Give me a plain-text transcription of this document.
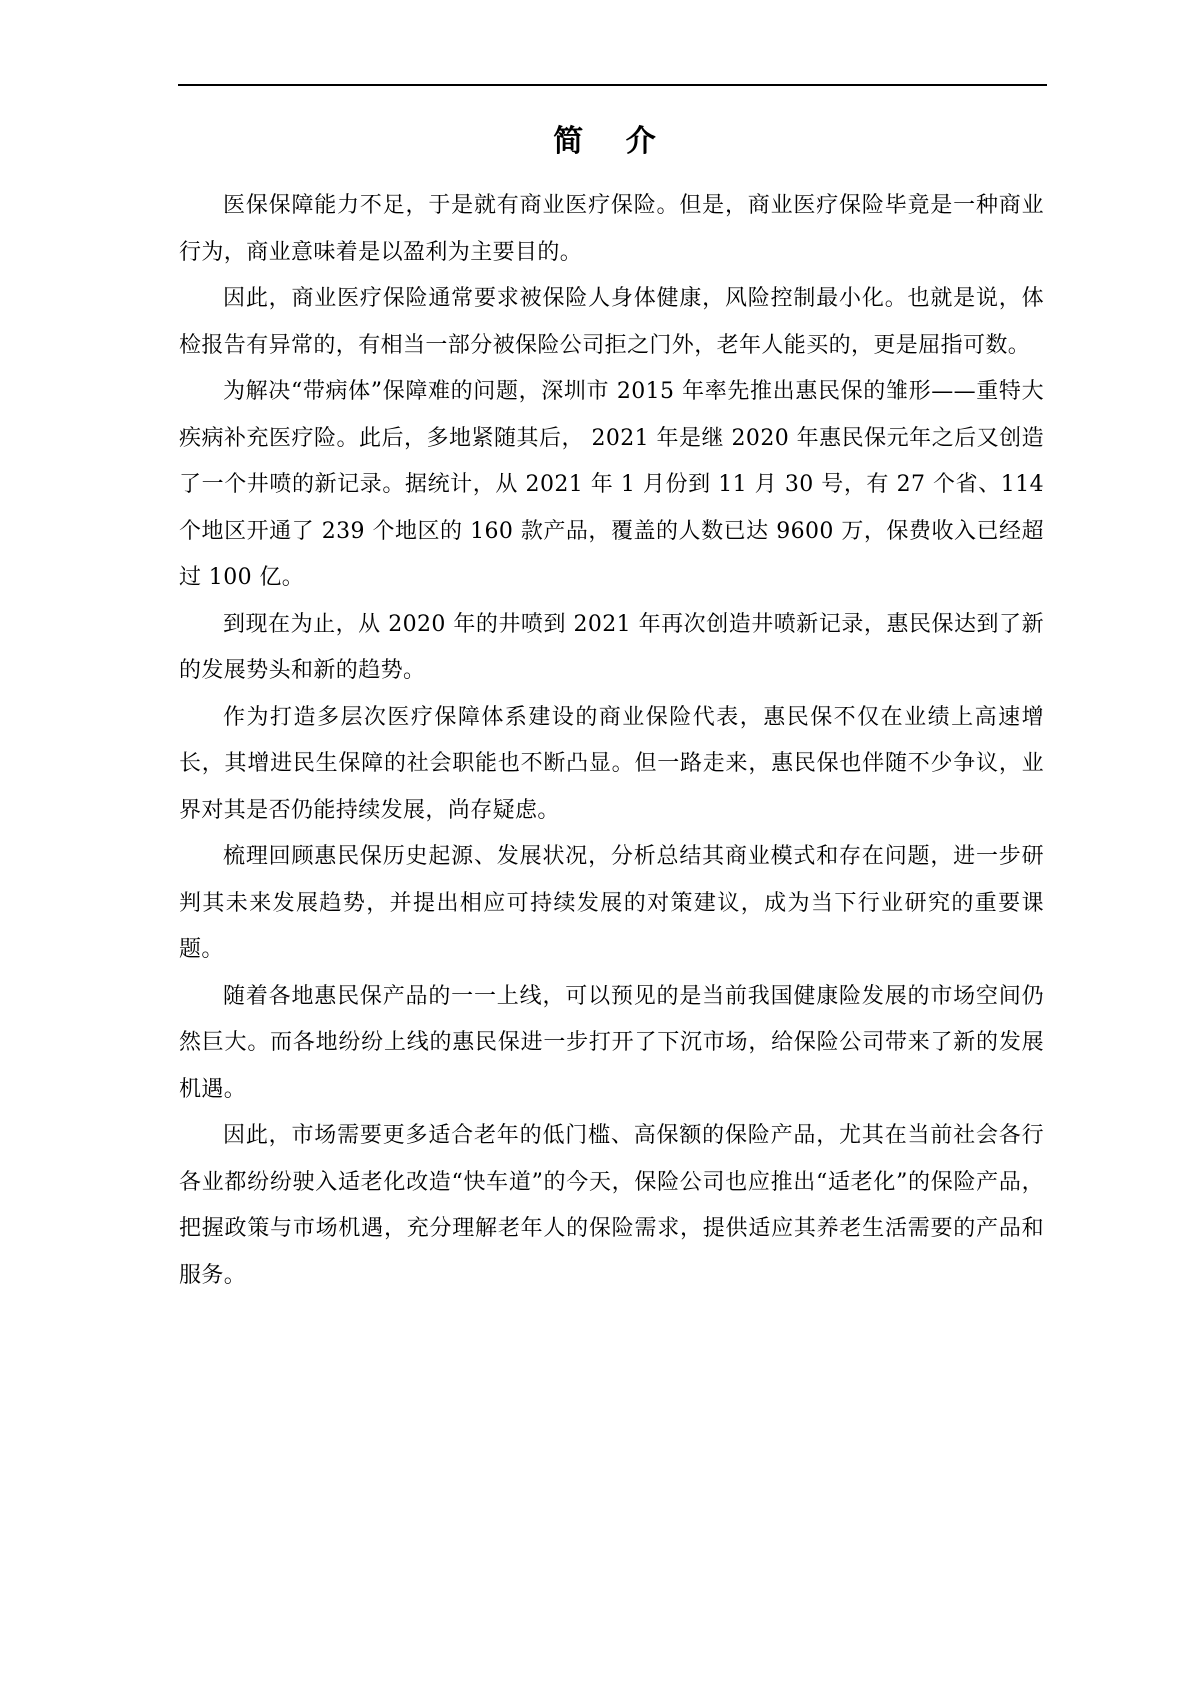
简 介

医保保障能力不足，于是就有商业医疗保险。但是，商业医疗保险毕竟是一种商业行为，商业意味着是以盈利为主要目的。

因此，商业医疗保险通常要求被保险人身体健康，风险控制最小化。也就是说，体检报告有异常的，有相当一部分被保险公司拒之门外，老年人能买的，更是屈指可数。

为解决“带病体”保障难的问题，深圳市 2015 年率先推出惠民保的雏形——重特大疾病补充医疗险。此后，多地紧随其后， 2021 年是继 2020 年惠民保元年之后又创造了一个井喷的新记录。据统计，从 2021 年 1 月份到 11 月 30 号，有 27 个省、114 个地区开通了 239 个地区的 160 款产品，覆盖的人数已达 9600 万，保费收入已经超过 100 亿。

到现在为止，从 2020 年的井喷到 2021 年再次创造井喷新记录，惠民保达到了新的发展势头和新的趋势。

作为打造多层次医疗保障体系建设的商业保险代表，惠民保不仅在业绩上高速增长，其增进民生保障的社会职能也不断凸显。但一路走来，惠民保也伴随不少争议，业界对其是否仍能持续发展，尚存疑虑。

梳理回顾惠民保历史起源、发展状况，分析总结其商业模式和存在问题，进一步研判其未来发展趋势，并提出相应可持续发展的对策建议，成为当下行业研究的重要课题。

随着各地惠民保产品的一一上线，可以预见的是当前我国健康险发展的市场空间仍然巨大。而各地纷纷上线的惠民保进一步打开了下沉市场，给保险公司带来了新的发展机遇。

因此，市场需要更多适合老年的低门槛、高保额的保险产品，尤其在当前社会各行各业都纷纷驶入适老化改造“快车道”的今天，保险公司也应推出“适老化”的保险产品，把握政策与市场机遇，充分理解老年人的保险需求，提供适应其养老生活需要的产品和服务。
